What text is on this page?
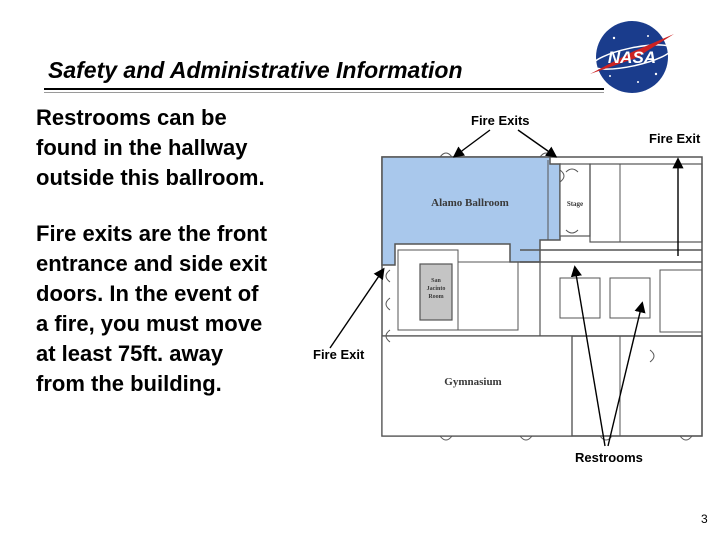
Safety and Administrative Information	NASA
Restrooms can be
found in the hallway
outside this ballroom.
Fire exits are the front
entrance and side exit
doors. In the event of
a fire, you must move
at least 75ft. away
from the building.
Alamo Ballroom	Stage
San
Jacinto
Room
Gymnasium
Fire Exits
Fire Exit
Fire Exit
Restrooms
3
